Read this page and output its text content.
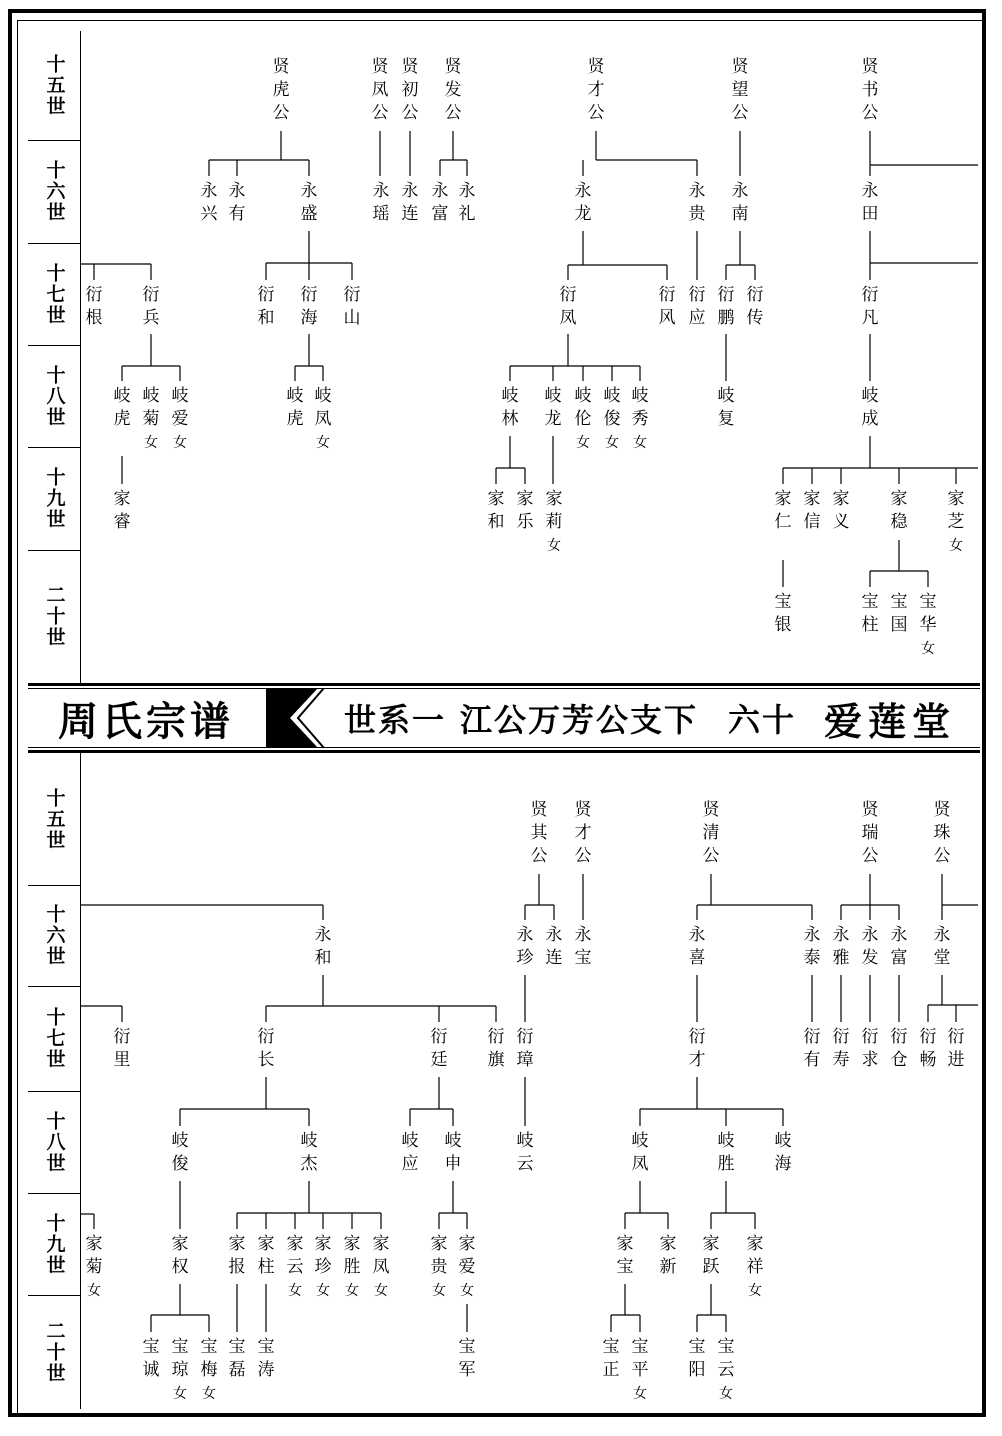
十五世
十六世
十七世
十八世
十九世
二十世
十五世
十六世
十七世
十八世
十九世
二十世
贤
虎
公
贤
凤
公
贤
初
公
贤
发
公
贤
才
公
贤
望
公
贤
书
公
永
兴
永
有
永
盛
永
瑶
永
连
永
富
永
礼
永
龙
永
贵
永
南
永
田
衍
根
衍
兵
衍
和
衍
海
衍
山
衍
凤
衍
风
衍
应
衍
鹏
衍
传
衍
凡
岐
虎
岐
菊
女
岐
爱
女
岐
虎
岐
凤
女
岐
林
岐
龙
岐
伦
女
岐
俊
女
岐
秀
女
岐
复
岐
成
家
睿
家
和
家
乐
家
莉
女
家
仁
家
信
家
义
家
稳
家
芝
女
宝
银
宝
柱
宝
国
宝
华
女
贤
其
公
贤
才
公
贤
清
公
贤
瑞
公
贤
珠
公
永
和
永
珍
永
连
永
宝
永
喜
永
泰
永
雅
永
发
永
富
永
堂
衍
里
衍
长
衍
廷
衍
旗
衍
璋
衍
才
衍
有
衍
寿
衍
求
衍
仓
衍
畅
衍
进
岐
俊
岐
杰
岐
应
岐
申
岐
云
岐
凤
岐
胜
岐
海
家
菊
女
家
权
家
报
家
柱
家
云
女
家
珍
女
家
胜
女
家
凤
女
家
贵
女
家
爱
女
家
宝
家
新
家
跃
家
祥
女
宝
诚
宝
琼
女
宝
梅
女
宝
磊
宝
涛
宝
军
宝
正
宝
平
女
宝
阳
宝
云
女
周氏宗谱	世系一 江公万芳公支下 六十 爱莲堂
